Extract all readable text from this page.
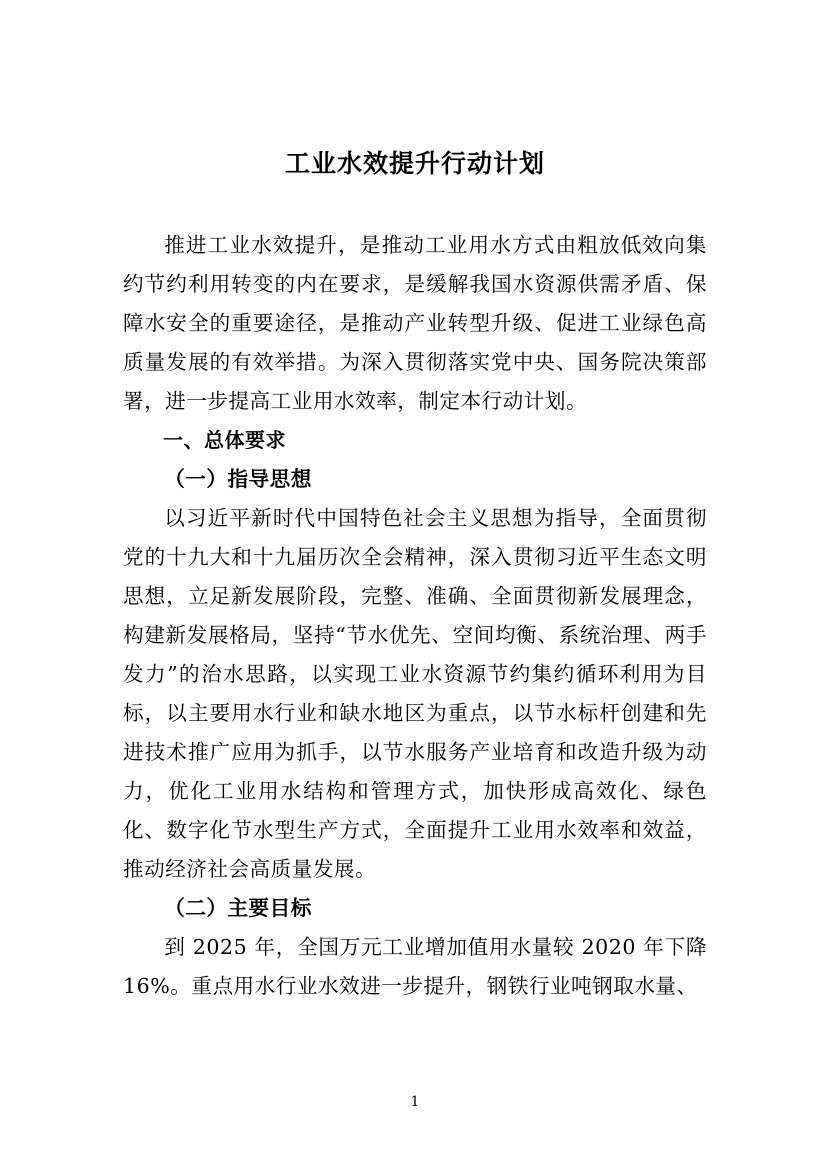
工业水效提升行动计划

推进工业水效提升，是推动工业用水方式由粗放低效向集约节约利用转变的内在要求，是缓解我国水资源供需矛盾、保障水安全的重要途径，是推动产业转型升级、促进工业绿色高质量发展的有效举措。为深入贯彻落实党中央、国务院决策部署，进一步提高工业用水效率，制定本行动计划。

一、总体要求

（一）指导思想

以习近平新时代中国特色社会主义思想为指导，全面贯彻党的十九大和十九届历次全会精神，深入贯彻习近平生态文明思想，立足新发展阶段，完整、准确、全面贯彻新发展理念，构建新发展格局，坚持“节水优先、空间均衡、系统治理、两手发力”的治水思路，以实现工业水资源节约集约循环利用为目标，以主要用水行业和缺水地区为重点，以节水标杆创建和先进技术推广应用为抓手，以节水服务产业培育和改造升级为动力，优化工业用水结构和管理方式，加快形成高效化、绿色化、数字化节水型生产方式，全面提升工业用水效率和效益，推动经济社会高质量发展。

（二）主要目标

到 2025 年，全国万元工业增加值用水量较 2020 年下降 16%。重点用水行业水效进一步提升，钢铁行业吨钢取水量、

1
